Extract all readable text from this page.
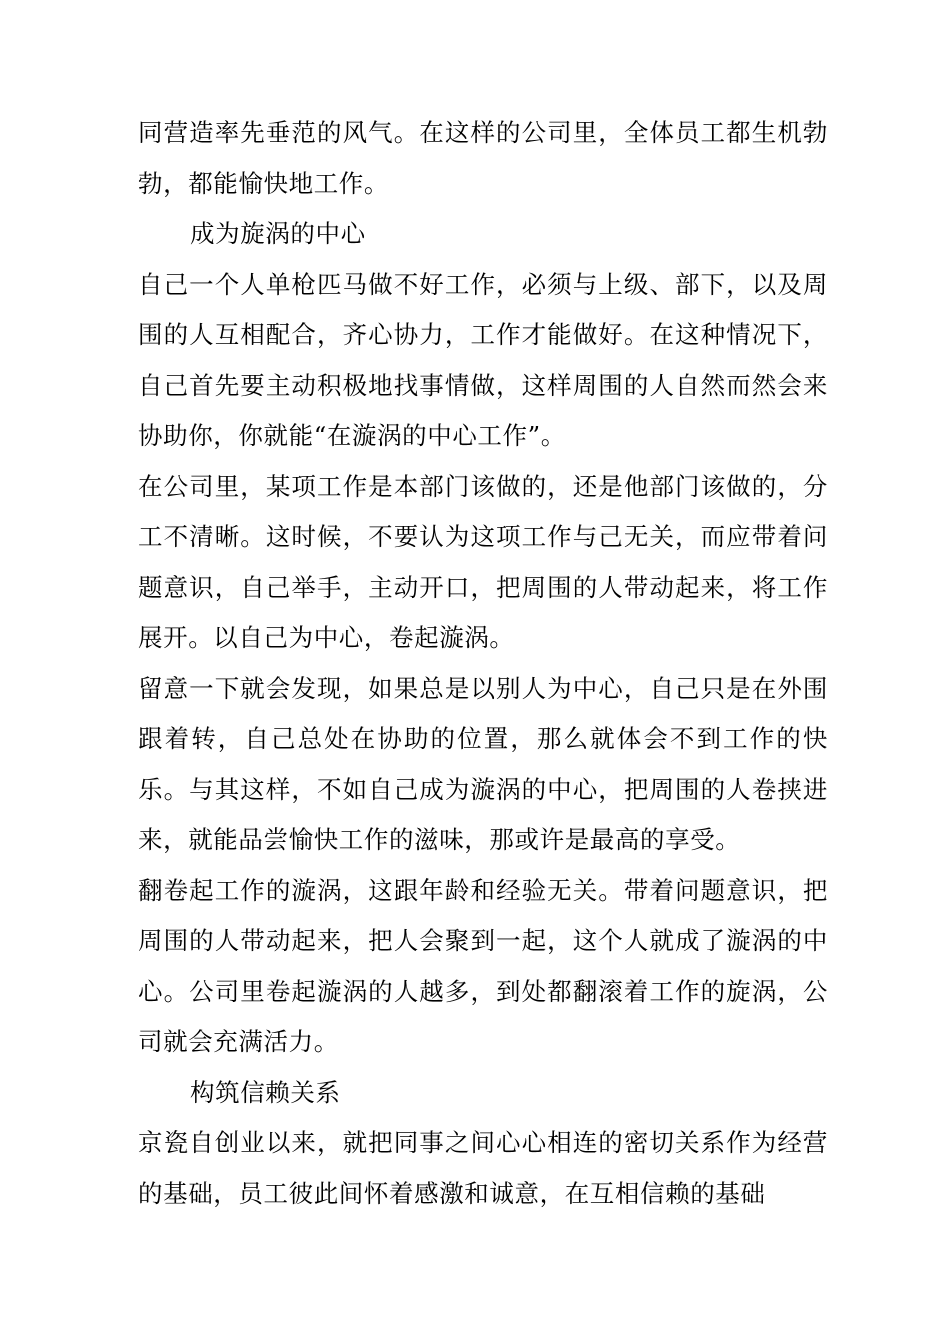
同营造率先垂范的风气。在这样的公司里，全体员工都生机勃勃，都能愉快地工作。

成为旋涡的中心

自己一个人单枪匹马做不好工作，必须与上级、部下，以及周围的人互相配合，齐心协力，工作才能做好。在这种情况下，自己首先要主动积极地找事情做，这样周围的人自然而然会来协助你，你就能“在漩涡的中心工作”。

在公司里，某项工作是本部门该做的，还是他部门该做的，分工不清晰。这时候，不要认为这项工作与己无关，而应带着问题意识，自己举手，主动开口，把周围的人带动起来，将工作展开。以自己为中心，卷起漩涡。

留意一下就会发现，如果总是以别人为中心，自己只是在外围跟着转，自己总处在协助的位置，那么就体会不到工作的快乐。与其这样，不如自己成为漩涡的中心，把周围的人卷挟进来，就能品尝愉快工作的滋味，那或许是最高的享受。

翻卷起工作的漩涡，这跟年龄和经验无关。带着问题意识，把周围的人带动起来，把人会聚到一起，这个人就成了漩涡的中心。公司里卷起漩涡的人越多，到处都翻滚着工作的旋涡，公司就会充满活力。

构筑信赖关系

京瓷自创业以来，就把同事之间心心相连的密切关系作为经营的基础，员工彼此间怀着感激和诚意，在互相信赖的基础
